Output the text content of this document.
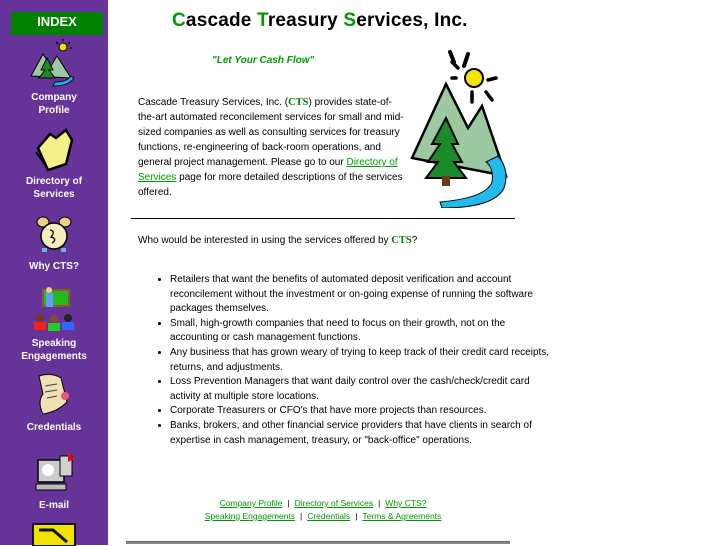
INDEX
Company
Profile
Directory of
Services
Why CTS?
Speaking
Engagements
Credentials
E-mail
Cascade Treasury Services, Inc.
"Let Your Cash Flow"
Cascade Treasury Services, Inc. (CTS) provides state-of-the-art automated reconcilement services for small and mid-sized companies as well as consulting services for treasury functions, re-engineering of back-room operations, and general project management. Please go to our Directory of Services page for more detailed descriptions of the services offered.
Who would be interested in using the services offered by CTS?
• Retailers that want the benefits of automated deposit verification and account reconcilement without the investment or on-going expense of running the software packages themselves.
• Small, high-growth companies that need to focus on their growth, not on the accounting or cash management functions.
• Any business that has grown weary of trying to keep track of their credit card receipts, returns, and adjustments.
• Loss Prevention Managers that want daily control over the cash/check/credit card activity at multiple store locations.
• Corporate Treasurers or CFO's that have more projects than resources.
• Banks, brokers, and other financial service providers that have clients in search of expertise in cash management, treasury, or "back-office" operations.
Company Profile | Directory of Services | Why CTS?
Speaking Engagements | Credentials | Terms & Agreements
